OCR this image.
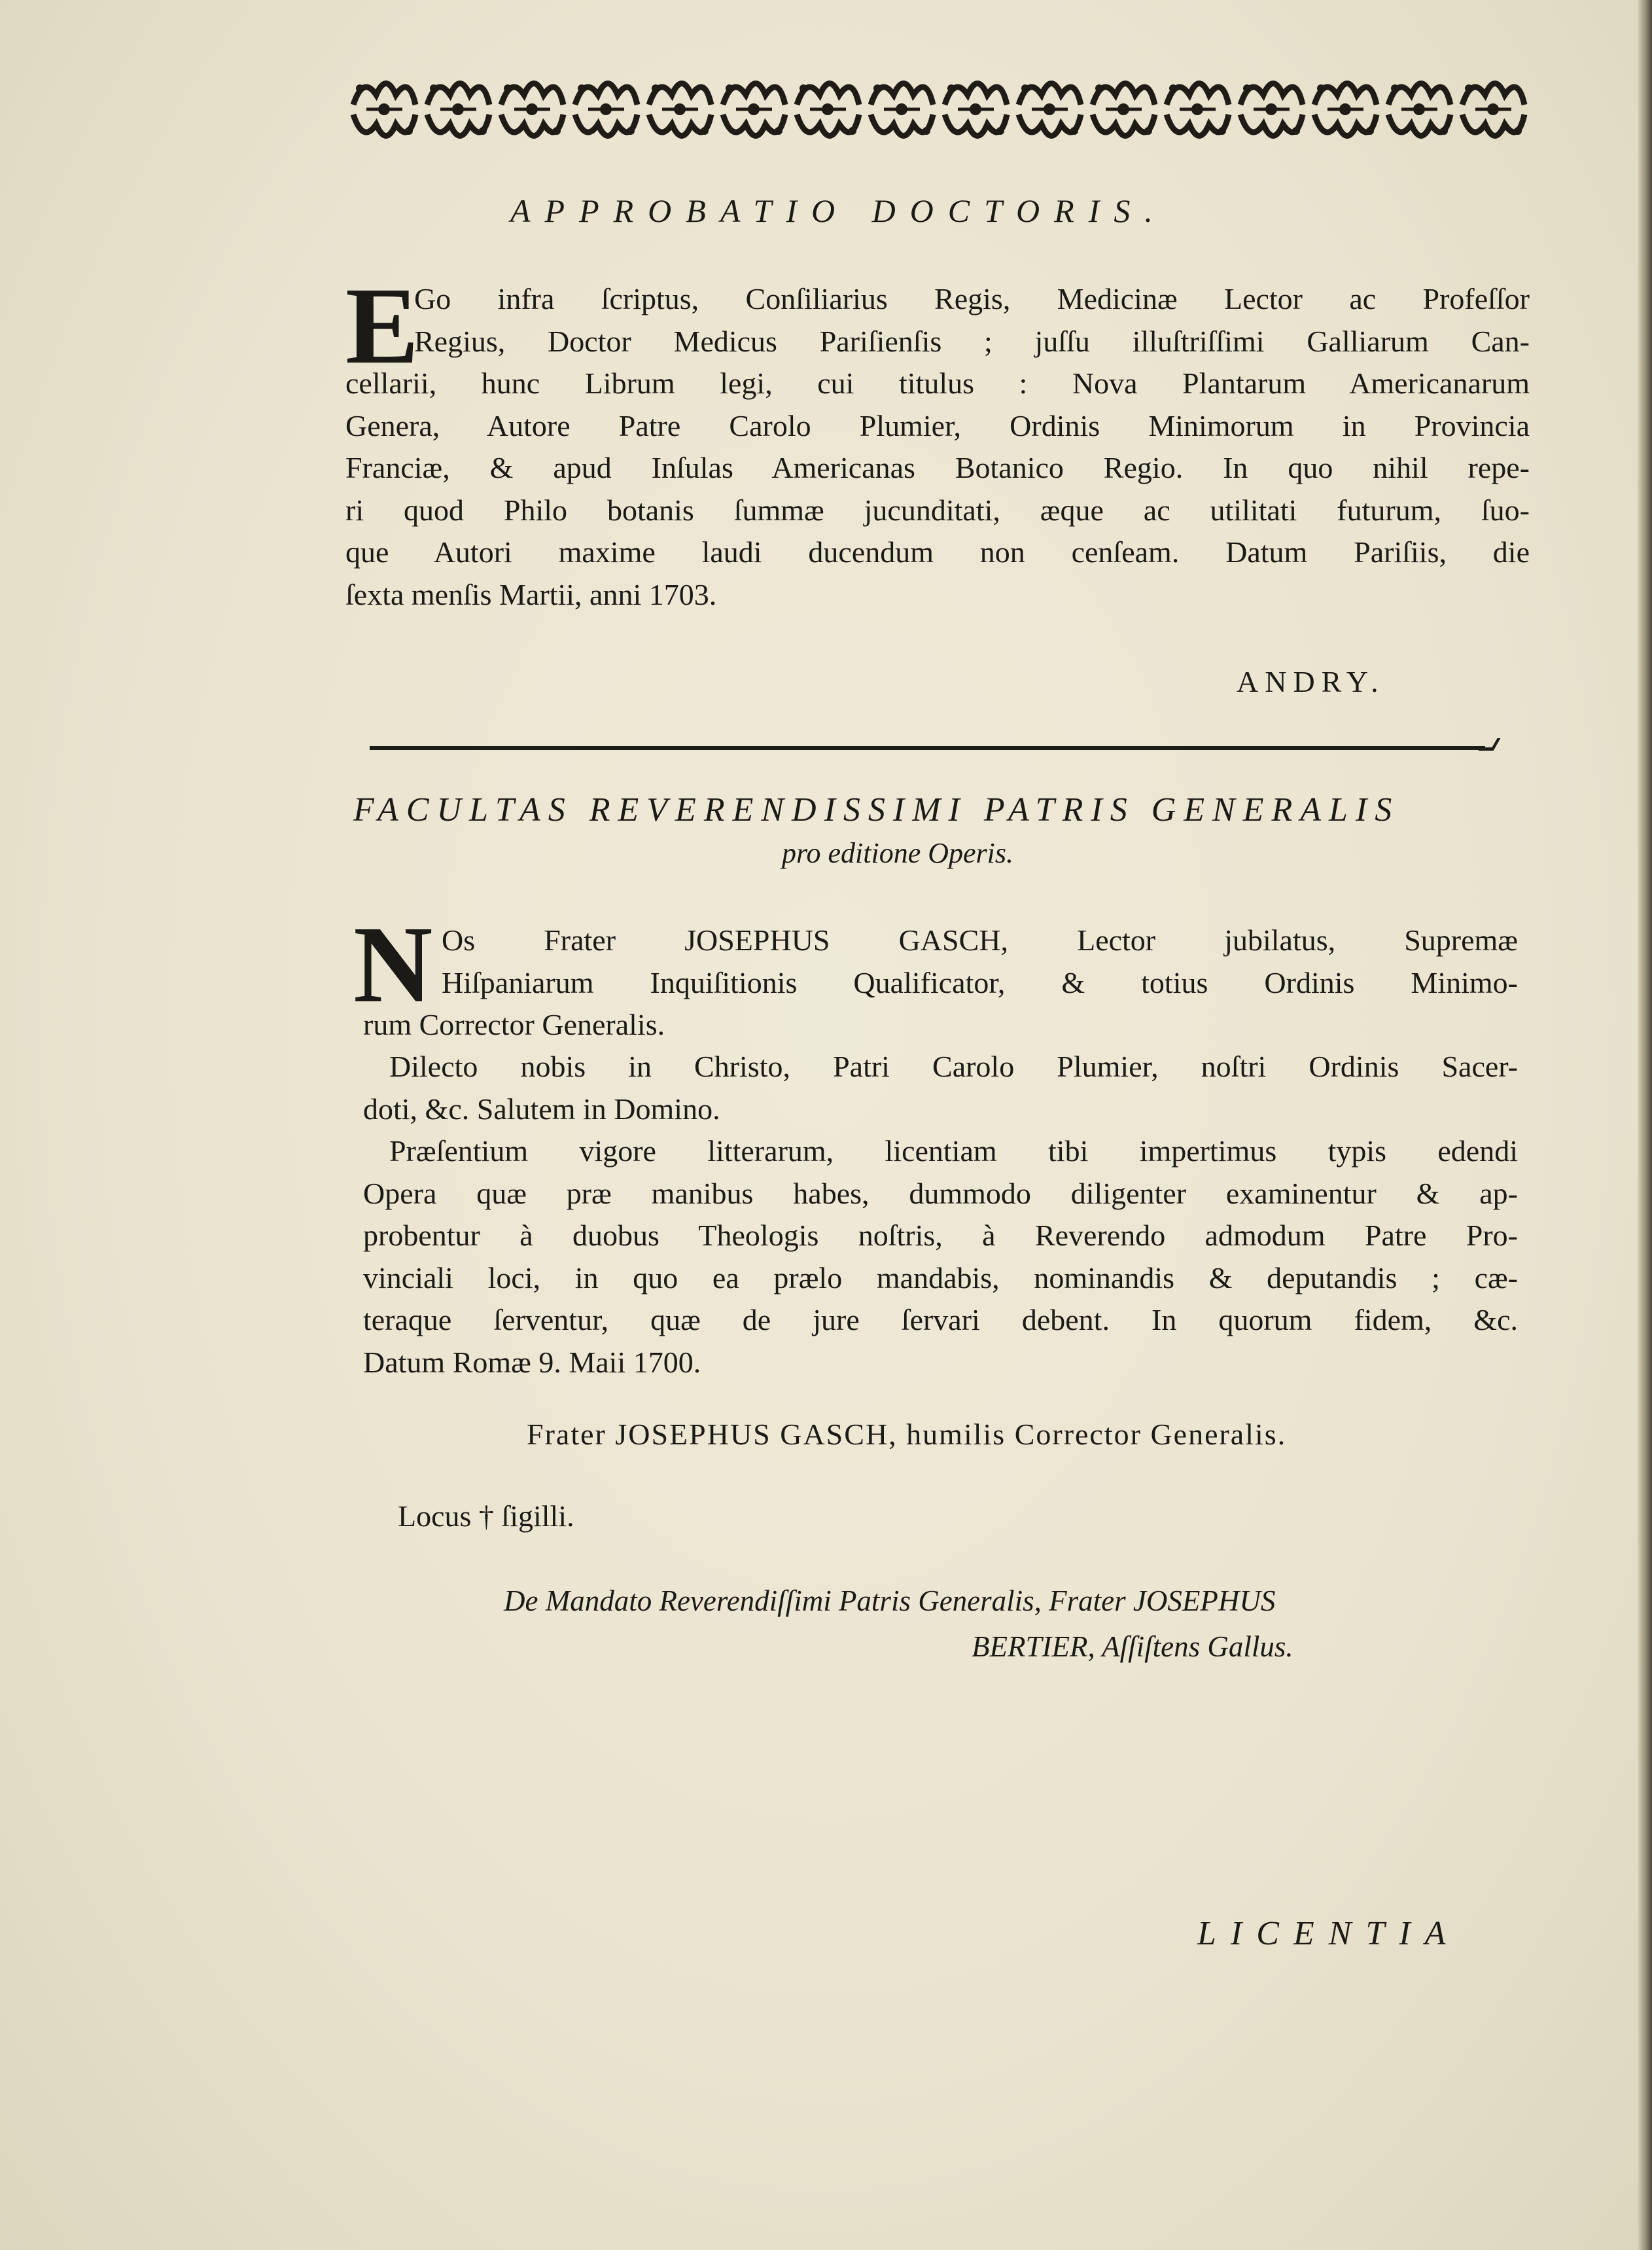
APPROBATIO DOCTORIS.
E
Go infra ſcriptus, Conſiliarius Regis, Medicinæ Lector ac Profeſſor
Regius, Doctor Medicus Pariſienſis ; juſſu illuſtriſſimi Galliarum Can-
cellarii, hunc Librum legi, cui titulus : Nova Plantarum Americanarum
Genera, Autore Patre Carolo Plumier, Ordinis Minimorum in Provincia
Franciæ, & apud Inſulas Americanas Botanico Regio. In quo nihil repe-
ri quod Philo botanis ſummæ jucunditati, æque ac utilitati futurum, ſuo-
que Autori maxime laudi ducendum non cenſeam. Datum Pariſiis, die
ſexta menſis Martii, anni 1703.
ANDRY.
FACULTAS REVERENDISSIMI PATRIS GENERALIS
pro editione Operis.
N Os Frater JOSEPHUS GASCH, Lector jubilatus, Supremæ
Hiſpaniarum Inquiſitionis Qualificator, & totius Ordinis Minimo-
rum Corrector Generalis.
Dilecto nobis in Christo, Patri Carolo Plumier, noſtri Ordinis Sacer-
doti, &c. Salutem in Domino.
Præſentium vigore litterarum, licentiam tibi impertimus typis edendi
Opera quæ præ manibus habes, dummodo diligenter examinentur & ap-
probentur à duobus Theologis noſtris, à Reverendo admodum Patre Pro-
vinciali loci, in quo ea prælo mandabis, nominandis & deputandis ; cæ-
teraque ſerventur, quæ de jure ſervari debent. In quorum fidem, &c.
Datum Romæ 9. Maii 1700.
Frater JOSEPHUS GASCH, humilis Corrector Generalis.
Locus † ſigilli.
De Mandato Reverendiſſimi Patris Generalis, Frater JOSEPHUS
BERTIER, Aſſiſtens Gallus.
LICENTIA
